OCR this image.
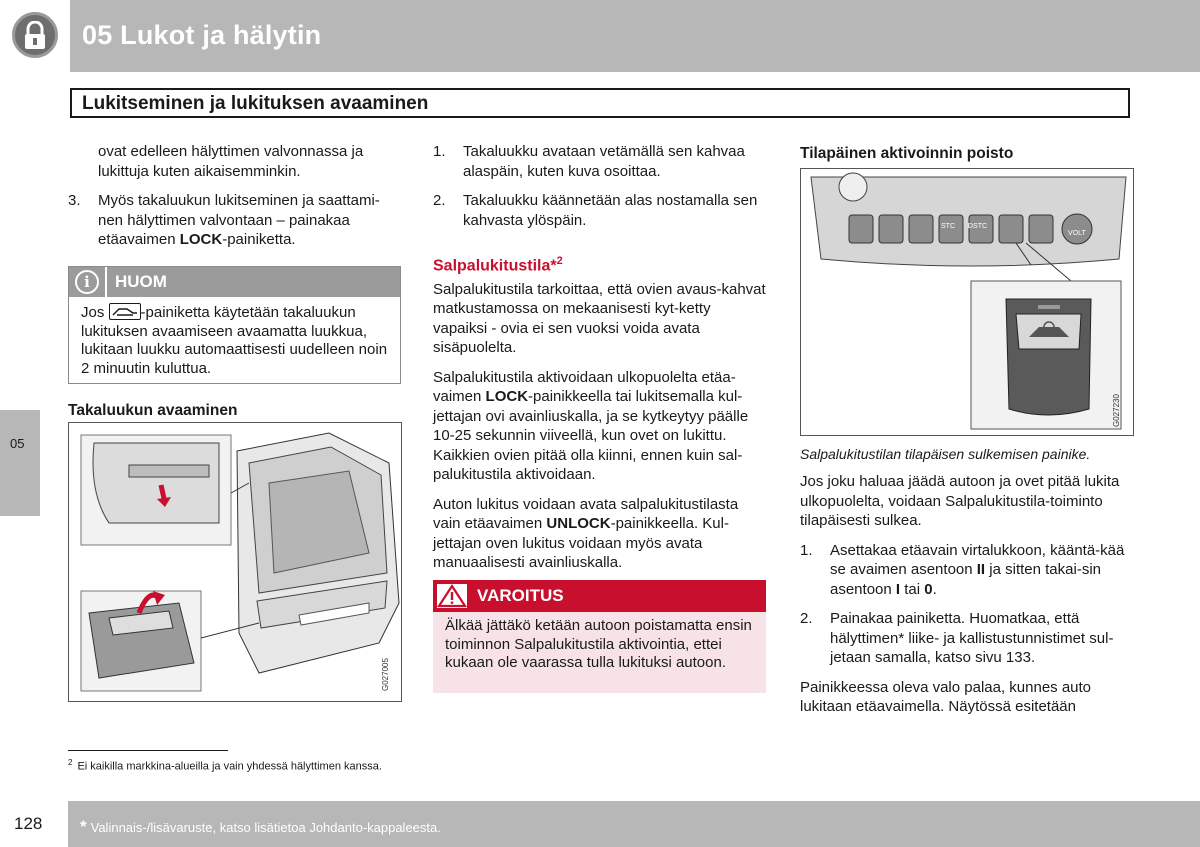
05 Lukot ja hälytin
Lukitseminen ja lukituksen avaaminen
05

ovat edelleen hälyttimen valvonnassa ja lukittuja kuten aikaisemminkin.

3.	Myös takaluukun lukitseminen ja saattami-nen hälyttimen valvontaan – painakaa etäavaimen LOCK-painiketta.
i	HUOM
Jos
-painiketta käytetään takaluukun lukituksen avaamiseen avaamatta luukkua, lukitaan luukku automaattisesti uudelleen noin 2 minuutin kuluttua.
Takaluukun avaaminen
G027005
1.	Takaluukku avataan vetämällä sen kahvaa alaspäin, kuten kuva osoittaa.
2.	Takaluukku käännetään alas nostamalla sen kahvasta ylöspäin.
Salpalukitustila*$^2$

Salpalukitustila tarkoittaa, että ovien avaus-kahvat matkustamossa on mekaanisesti kyt-ketty vapaiksi - ovia ei sen vuoksi voida avata sisäpuolelta.

Salpalukitustila aktivoidaan ulkopuolelta etäa-vaimen LOCK-painikkeella tai lukitsemalla kul-jettajan ovi avainliuskalla, ja se kytkeytyy päälle 10-25 sekunnin viiveellä, kun ovet on lukittu. Kaikkien ovien pitää olla kiinni, ennen kuin sal-palukitustila aktivoidaan.

Auton lukitus voidaan avata salpalukitustilasta vain etäavaimen UNLOCK-painikkeella. Kul-jettajan oven lukitus voidaan myös avata manuaalisesti avainliuskalla.

VAROITUS
Älkää jättäkö ketään autoon poistamatta ensin toiminnon Salpalukitustila aktivointia, ettei kukaan ole vaarassa tulla lukituksi autoon.
Tilapäinen aktivoinnin poisto
STC DSTC
VOLT
G027230
Salpalukitustilan tilapäisen sulkemisen painike.

Jos joku haluaa jäädä autoon ja ovet pitää lukita ulkopuolelta, voidaan Salpalukitustila-toiminto tilapäisesti sulkea.

1.	Asettakaa etäavain virtalukkoon, kääntä-kää se avaimen asentoon II ja sitten takai-sin asentoon I tai 0.
2.	Painakaa painiketta. Huomatkaa, että hälyttimen* liike- ja kallistustunnistimet sul-jetaan samalla, katso sivu 133.

Painikkeessa oleva valo palaa, kunnes auto lukitaan etäavaimella. Näytössä esitetään

$^2$ Ei kaikilla markkina-alueilla ja vain yhdessä hälyttimen kanssa.
128 * Valinnais-/lisävaruste, katso lisätietoa Johdanto-kappaleesta.
